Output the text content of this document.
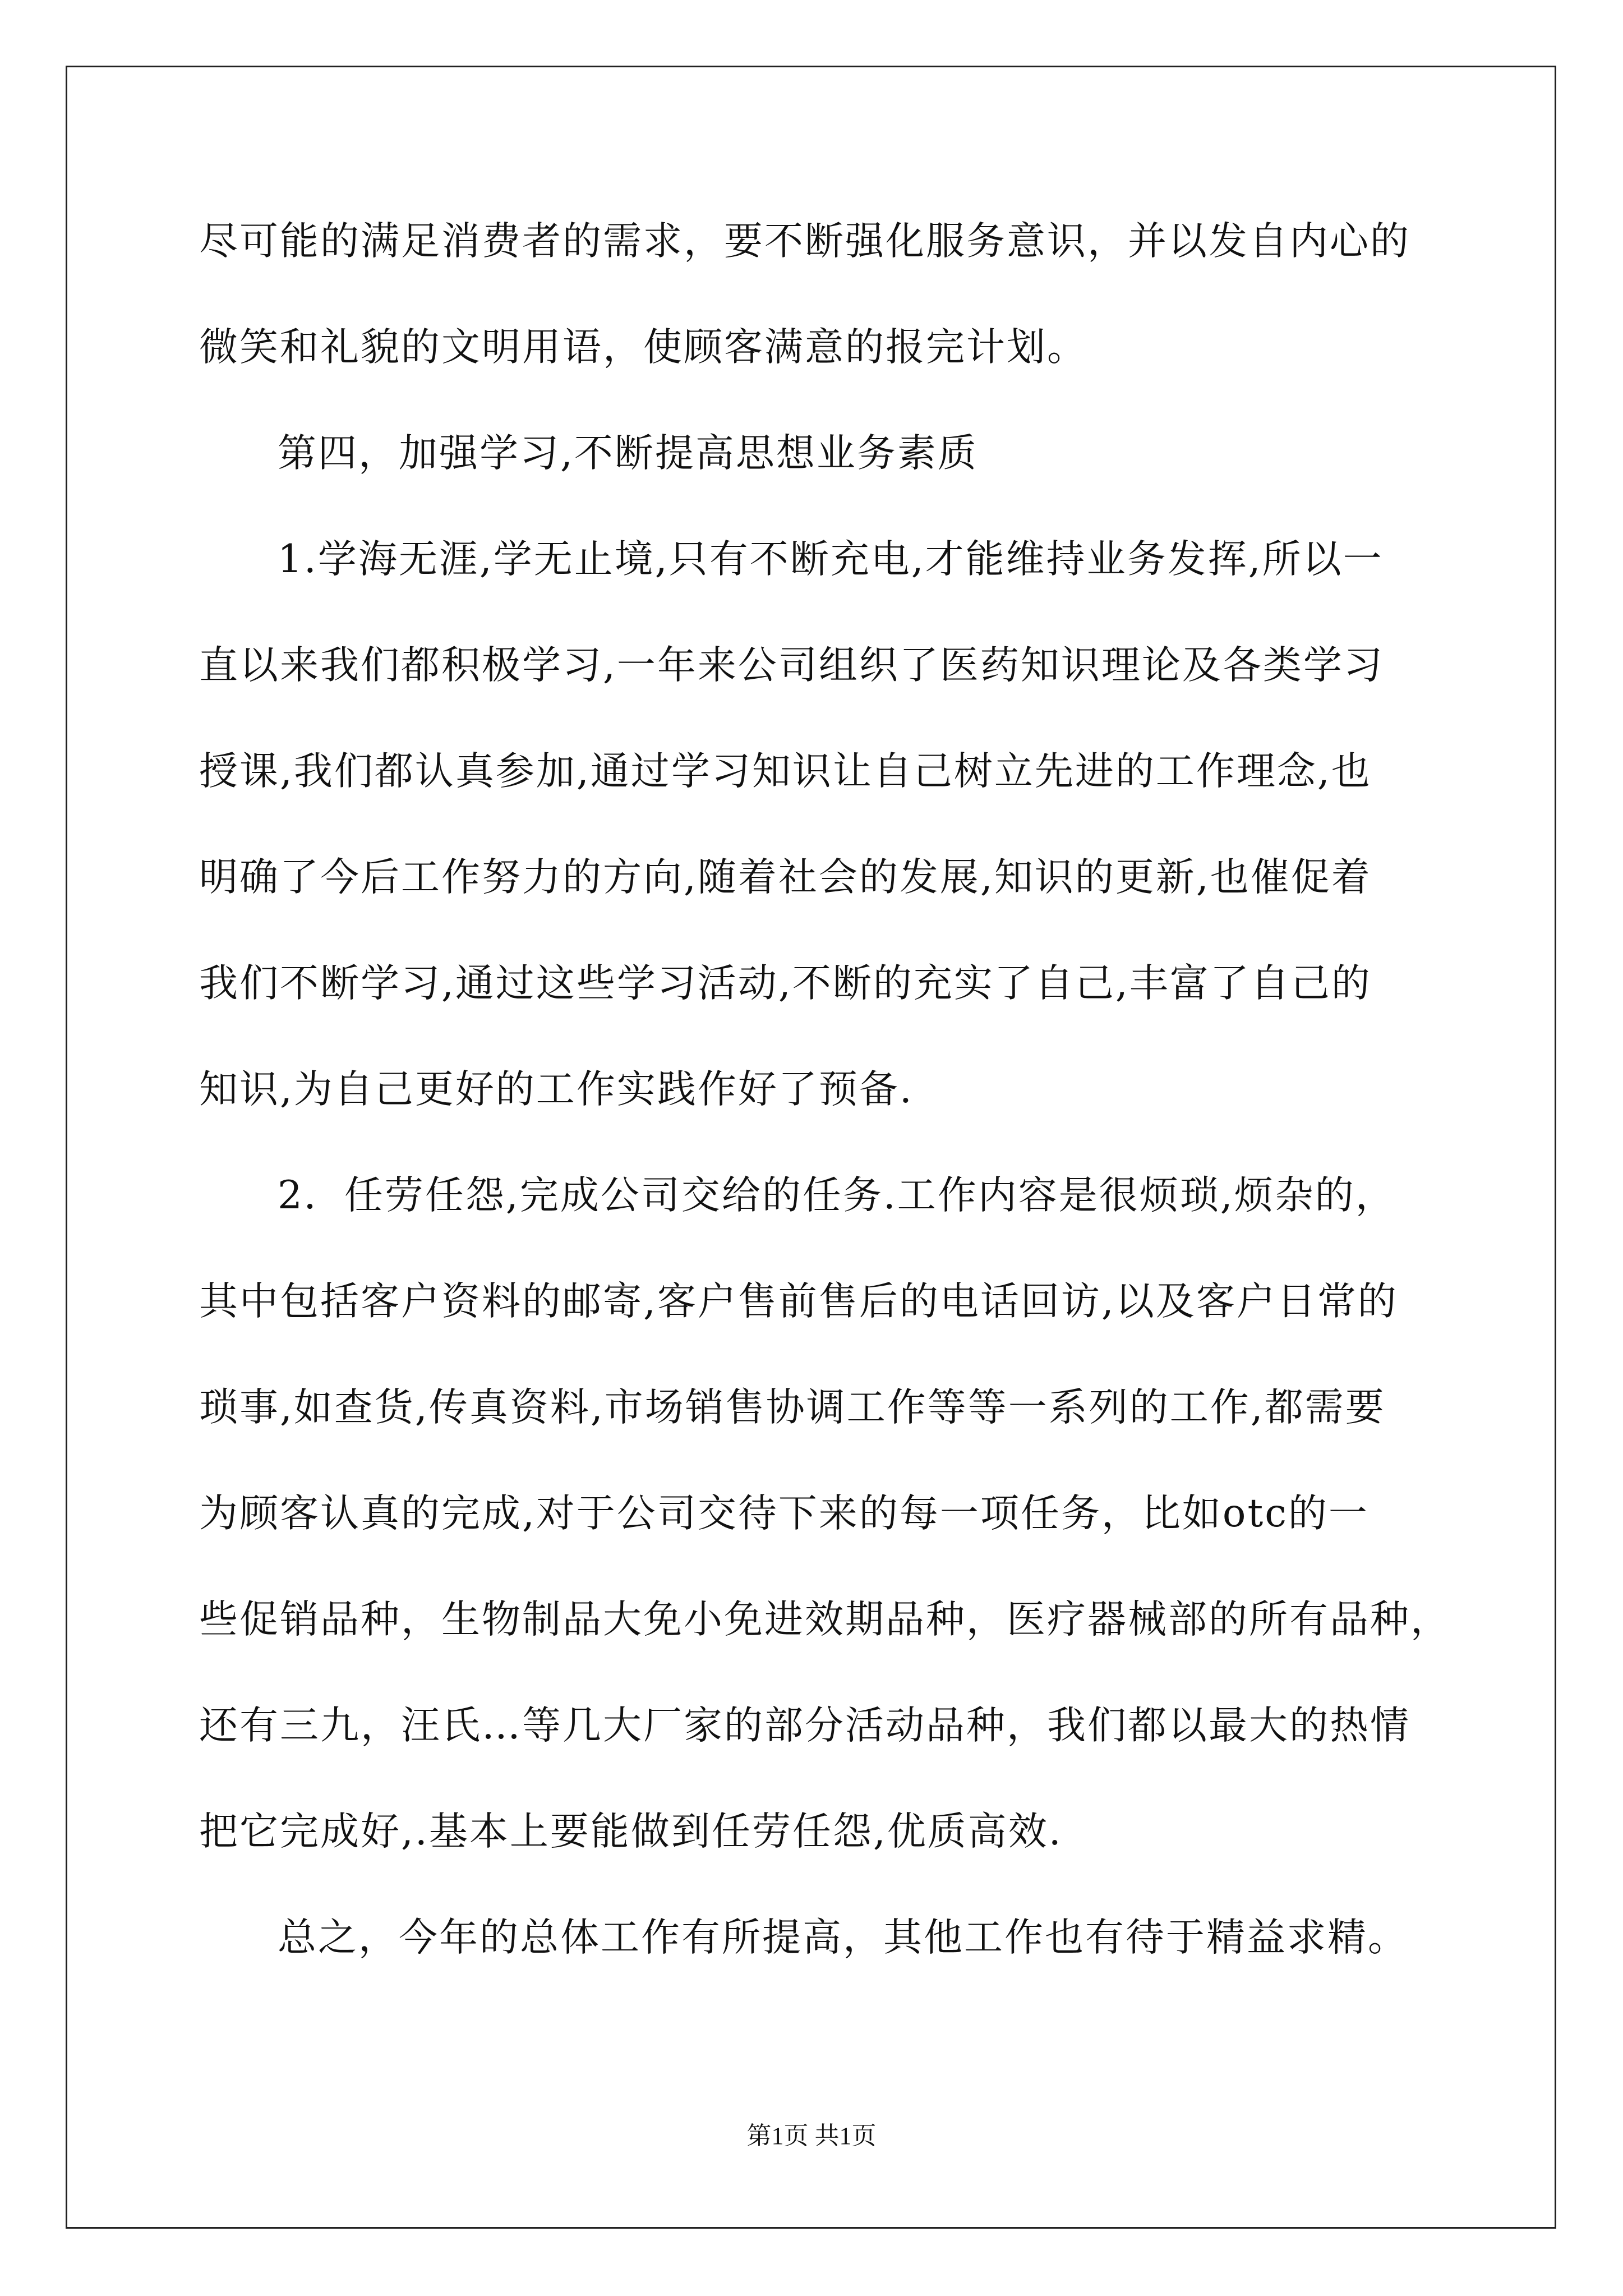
尽可能的满足消费者的需求，要不断强化服务意识，并以发自内心的
微笑和礼貌的文明用语，使顾客满意的报完计划。
第四，加强学习,不断提高思想业务素质
1.学海无涯,学无止境,只有不断充电,才能维持业务发挥,所以一
直以来我们都积极学习,一年来公司组织了医药知识理论及各类学习
授课,我们都认真参加,通过学习知识让自己树立先进的工作理念,也
明确了今后工作努力的方向,随着社会的发展,知识的更新,也催促着
我们不断学习,通过这些学习活动,不断的充实了自己,丰富了自己的
知识,为自己更好的工作实践作好了预备.
2．任劳任怨,完成公司交给的任务.工作内容是很烦琐,烦杂的，
其中包括客户资料的邮寄,客户售前售后的电话回访,以及客户日常的
琐事,如查货,传真资料,市场销售协调工作等等一系列的工作,都需要
为顾客认真的完成,对于公司交待下来的每一项任务，比如otc的一
些促销品种，生物制品大免小免进效期品种，医疗器械部的所有品种，
还有三九，汪氏…等几大厂家的部分活动品种，我们都以最大的热情
把它完成好,.基本上要能做到任劳任怨,优质高效.
总之，今年的总体工作有所提高，其他工作也有待于精益求精。
第1页 共1页
